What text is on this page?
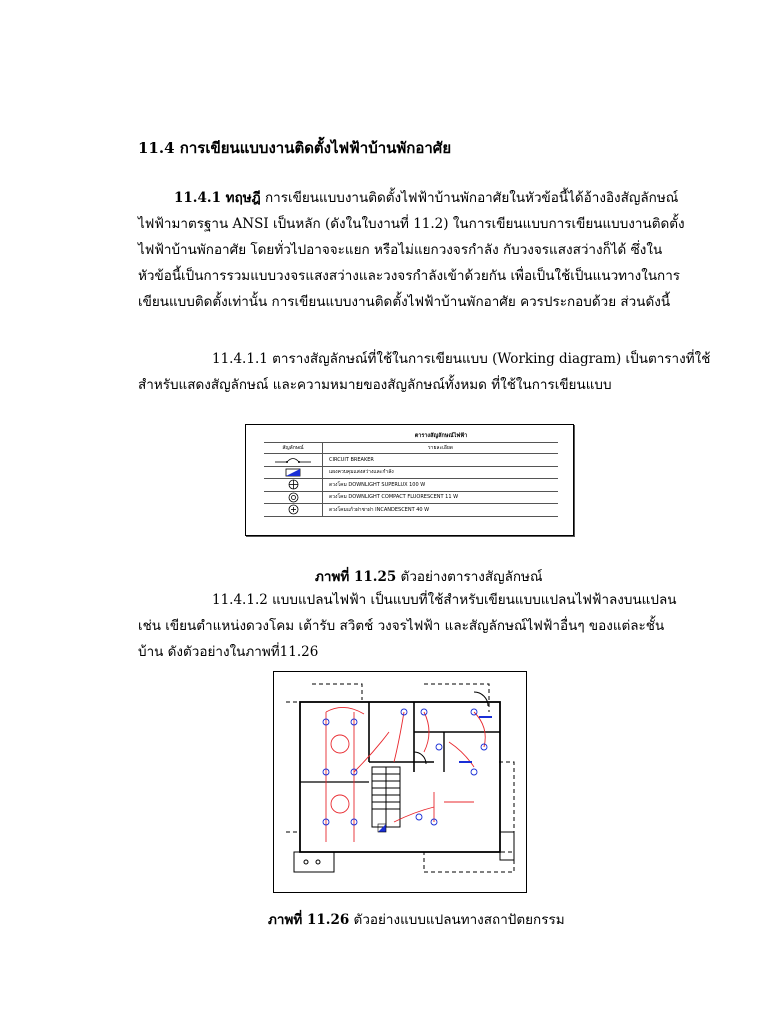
11.4 การเขียนแบบงานติดตั้งไฟฟ้าบ้านพักอาศัย
11.4.1 ทฤษฎี การเขียนแบบงานติดตั้งไฟฟ้าบ้านพักอาศัยในหัวข้อนี้ได้อ้างอิงสัญลักษณ์
ไฟฟ้ามาตรฐาน ANSI เป็นหลัก (ดังในใบงานที่ 11.2) ในการเขียนแบบการเขียนแบบงานติดตั้ง
ไฟฟ้าบ้านพักอาศัย โดยทั่วไปอาจจะแยก หรือไม่แยกวงจรกำลัง กับวงจรแสงสว่างก็ได้ ซึ่งใน
หัวข้อนี้เป็นการรวมแบบวงจรแสงสว่างและวงจรกำลังเข้าด้วยกัน เพื่อเป็นใช้เป็นแนวทางในการ
เขียนแบบติดตั้งเท่านั้น การเขียนแบบงานติดตั้งไฟฟ้าบ้านพักอาศัย ควรประกอบด้วย ส่วนดังนี้
11.4.1.1 ตารางสัญลักษณ์ที่ใช้ในการเขียนแบบ (Working diagram) เป็นตารางที่ใช้
สำหรับแสดงสัญลักษณ์ และความหมายของสัญลักษณ์ทั้งหมด ที่ใช้ในการเขียนแบบ
ตารางสัญลักษณ์ไฟฟ้า
สัญลักษณ์	รายละเอียด
CIRCUIT BREAKER
แผงควบคุมแสงสว่างและกำลัง
ดวงโคม DOWNLIGHT SUPERLUX 100 W
ดวงโคม DOWNLIGHT COMPACT FLUORESCENT 11 W
ดวงโคมแก้วฝาชาฝา INCANDESCENT 40 W
ภาพที่ 11.25 ตัวอย่างตารางสัญลักษณ์
11.4.1.2 แบบแปลนไฟฟ้า เป็นแบบที่ใช้สำหรับเขียนแบบแปลนไฟฟ้าลงบนแปลน
เช่น เขียนตำแหน่งดวงโคม เต้ารับ สวิตช์ วงจรไฟฟ้า และสัญลักษณ์ไฟฟ้าอื่นๆ ของแต่ละชั้น
บ้าน ดังตัวอย่างในภาพที่11.26
ภาพที่ 11.26 ตัวอย่างแบบแปลนทางสถาปัตยกรรม
